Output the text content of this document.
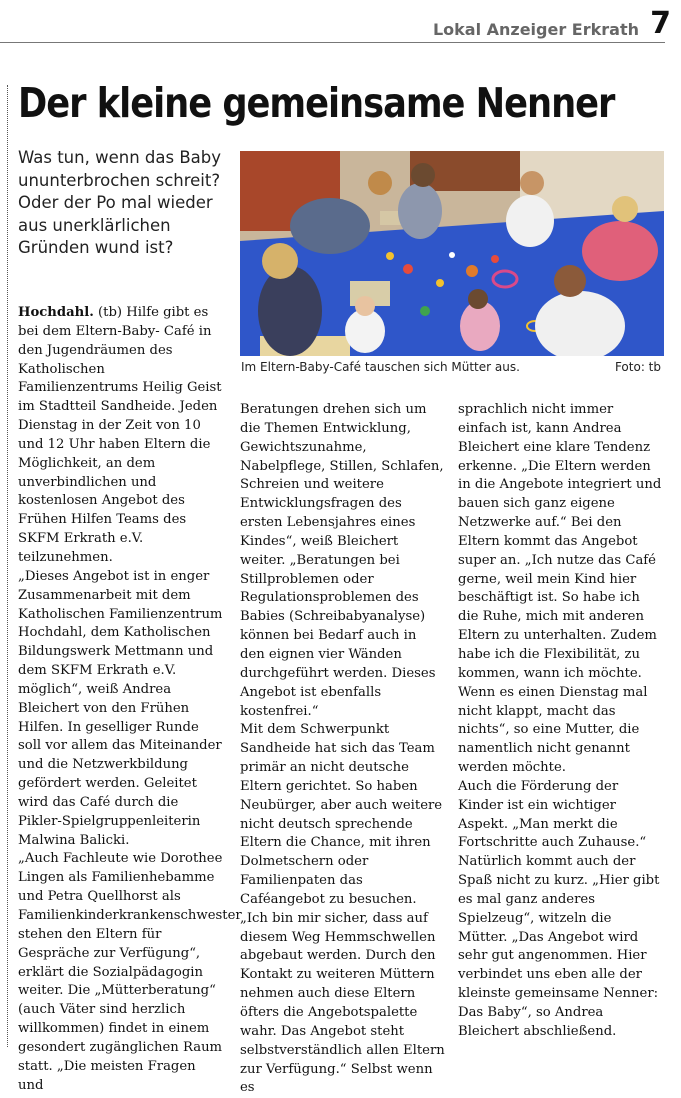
Lokal Anzeiger Erkrath 7
Der kleine gemeinsame Nenner

Was tun, wenn das Baby ununterbrochen schreit? Oder der Po mal wieder aus unerklärlichen Gründen wund ist?

Im Eltern-Baby-Café tauschen sich Mütter aus.	Foto: tb

Hochdahl. (tb) Hilfe gibt es bei dem Eltern-Baby- Café in den Jugendräumen des Katholischen Familienzentrums Heilig Geist im Stadtteil Sandheide. Jeden Dienstag in der Zeit von 10 und 12 Uhr haben Eltern die Möglichkeit, an dem unverbindlichen und kostenlosen Angebot des Frühen Hilfen Teams des SKFM Erkrath e.V. teilzunehmen.

„Dieses Angebot ist in enger Zusammenarbeit mit dem Katholischen Familienzentrum Hochdahl, dem Katholischen Bildungswerk Mettmann und dem SKFM Erkrath e.V. möglich“, weiß Andrea Bleichert von den Frühen Hilfen. In geselliger Runde soll vor allem das Miteinander und die Netzwerkbildung gefördert werden. Geleitet wird das Café durch die Pikler-Spielgruppenleiterin Malwina Balicki.

„Auch Fachleute wie Dorothee Lingen als Familienhebamme und Petra Quellhorst als Familienkinderkrankenschwester stehen den Eltern für Gespräche zur Verfügung“, erklärt die Sozialpädagogin weiter. Die „Mütterberatung“ (auch Väter sind herzlich willkommen) findet in einem gesondert zugänglichen Raum statt. „Die meisten Fragen und

Beratungen drehen sich um die Themen Entwicklung, Gewichtszunahme, Nabelpflege, Stillen, Schlafen, Schreien und weitere Entwicklungsfragen des ersten Lebensjahres eines Kindes“, weiß Bleichert weiter. „Beratungen bei Stillproblemen oder Regulationsproblemen des Babies (Schreibabyanalyse) können bei Bedarf auch in den eignen vier Wänden durchgeführt werden. Dieses Angebot ist ebenfalls kostenfrei.“

Mit dem Schwerpunkt Sandheide hat sich das Team primär an nicht deutsche Eltern gerichtet. So haben Neubürger, aber auch weitere nicht deutsch sprechende Eltern die Chance, mit ihren Dolmetschern oder Familienpaten das Caféangebot zu besuchen. „Ich bin mir sicher, dass auf diesem Weg Hemmschwellen abgebaut werden. Durch den Kontakt zu weiteren Müttern nehmen auch diese Eltern öfters die Angebotspalette wahr. Das Angebot steht selbstverständlich allen Eltern zur Verfügung.“ Selbst wenn es

sprachlich nicht immer einfach ist, kann Andrea Bleichert eine klare Tendenz erkenne. „Die Eltern werden in die Angebote integriert und bauen sich ganz eigene Netzwerke auf.“ Bei den Eltern kommt das Angebot super an. „Ich nutze das Café gerne, weil mein Kind hier beschäftigt ist. So habe ich die Ruhe, mich mit anderen Eltern zu unterhalten. Zudem habe ich die Flexibilität, zu kommen, wann ich möchte. Wenn es einen Dienstag mal nicht klappt, macht das nichts“, so eine Mutter, die namentlich nicht genannt werden möchte.

Auch die Förderung der Kinder ist ein wichtiger Aspekt. „Man merkt die Fortschritte auch Zuhause.“ Natürlich kommt auch der Spaß nicht zu kurz. „Hier gibt es mal ganz anderes Spielzeug“, witzeln die Mütter. „Das Angebot wird sehr gut angenommen. Hier verbindet uns eben alle der kleinste gemeinsame Nenner: Das Baby“, so Andrea Bleichert abschließend.
